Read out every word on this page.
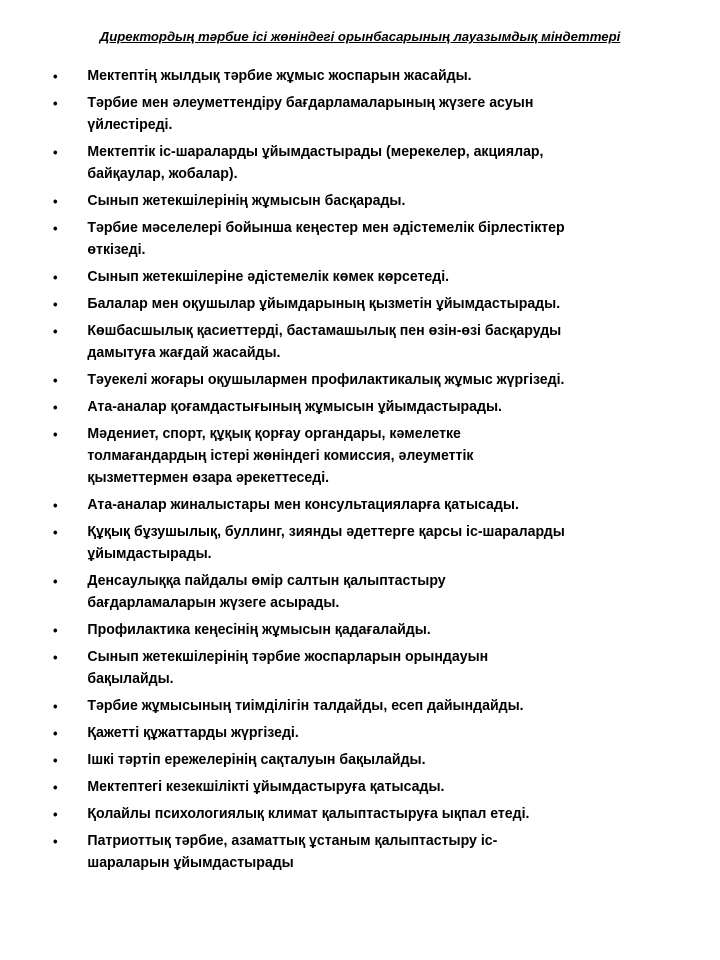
Директордың тәрбие ісі жөніндегі орынбасарының лауазымдық міндеттері
• Мектептің жылдық тәрбие жұмыс жоспарын жасайды.
• Тәрбие мен әлеуметтендіру бағдарламаларының жүзеге асуын үйлестіреді.
• Мектептік іс-шараларды ұйымдастырады (мерекелер, акциялар, байқаулар, жобалар).
• Сынып жетекшілерінің жұмысын басқарады.
• Тәрбие мәселелері бойынша кеңестер мен әдістемелік бірлестіктер өткізеді.
• Сынып жетекшілеріне әдістемелік көмек көрсетеді.
• Балалар мен оқушылар ұйымдарының қызметін ұйымдастырады.
• Көшбасшылық қасиеттерді, бастамашылық пен өзін-өзі басқаруды дамытуға жағдай жасайды.
• Тәуекелі жоғары оқушылармен профилактикалық жұмыс жүргізеді.
• Ата-аналар қоғамдастығының жұмысын ұйымдастырады.
• Мәдениет, спорт, құқық қорғау органдары, кәмелетке толмағандардың істері жөніндегі комиссия, әлеуметтік қызметтермен өзара әрекеттеседі.
• Ата-аналар жиналыстары мен консультацияларға қатысады.
• Құқық бұзушылық, буллинг, зиянды әдеттерге қарсы іс-шараларды ұйымдастырады.
• Денсаулыққа пайдалы өмір салтын қалыптастыру бағдарламаларын жүзеге асырады.
• Профилактика кеңесінің жұмысын қадағалайды.
• Сынып жетекшілерінің тәрбие жоспарларын орындауын бақылайды.
• Тәрбие жұмысының тиімділігін талдайды, есеп дайындайды.
• Қажетті құжаттарды жүргізеді.
• Ішкі тәртіп ережелерінің сақталуын бақылайды.
• Мектептегі кезекшілікті ұйымдастыруға қатысады.
• Қолайлы психологиялық климат қалыптастыруға ықпал етеді.
• Патриоттық тәрбие, азаматтық ұстаным қалыптастыру іс-шараларын ұйымдастырады
